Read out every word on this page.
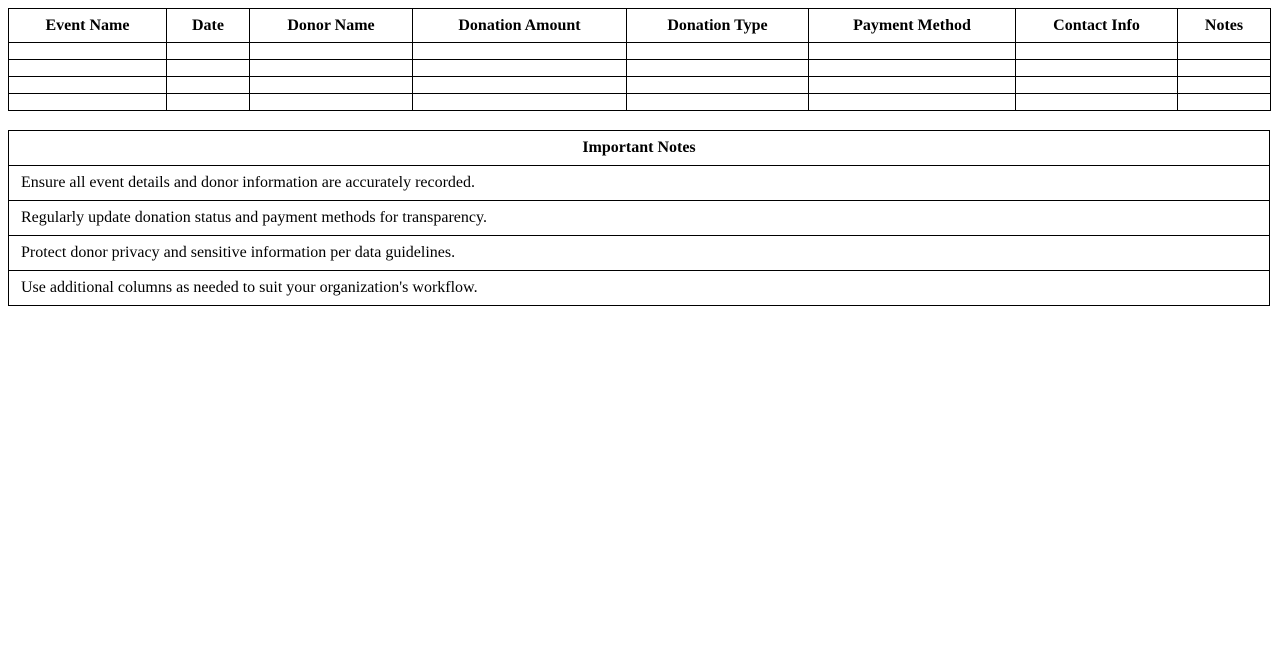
Event Name	Date	Donor Name	Donation Amount	Donation Type	Payment Method	Contact Info	Notes

Important Notes
Ensure all event details and donor information are accurately recorded.
Regularly update donation status and payment methods for transparency.
Protect donor privacy and sensitive information per data guidelines.
Use additional columns as needed to suit your organization's workflow.
